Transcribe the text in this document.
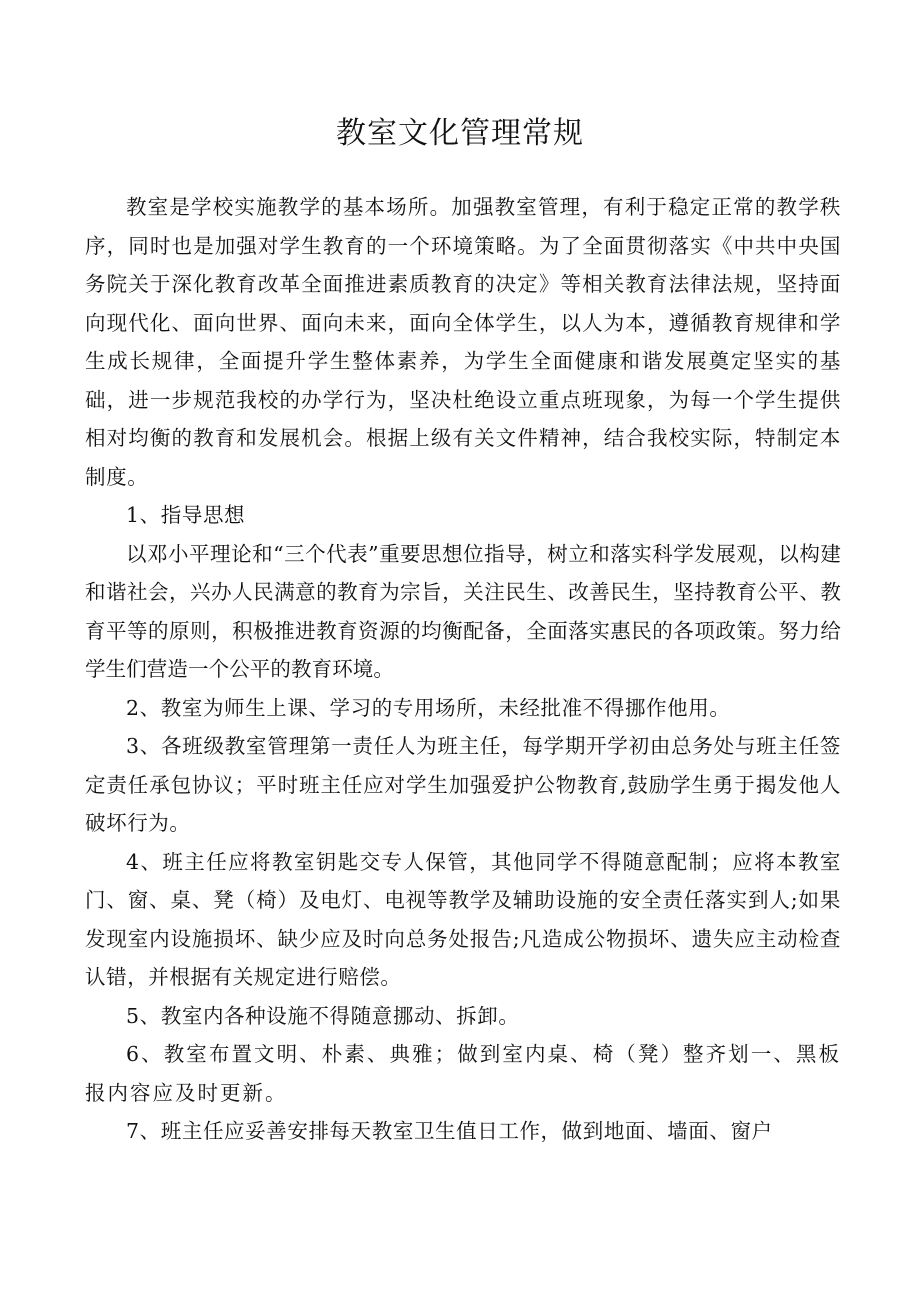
教室文化管理常规

教室是学校实施教学的基本场所。加强教室管理，有利于稳定正常的教学秩序，同时也是加强对学生教育的一个环境策略。为了全面贯彻落实《中共中央国务院关于深化教育改革全面推进素质教育的决定》等相关教育法律法规，坚持面向现代化、面向世界、面向未来，面向全体学生，以人为本，遵循教育规律和学生成长规律，全面提升学生整体素养，为学生全面健康和谐发展奠定坚实的基础，进一步规范我校的办学行为，坚决杜绝设立重点班现象，为每一个学生提供相对均衡的教育和发展机会。根据上级有关文件精神，结合我校实际，特制定本制度。

1、指导思想

以邓小平理论和“三个代表”重要思想位指导，树立和落实科学发展观，以构建和谐社会，兴办人民满意的教育为宗旨，关注民生、改善民生，坚持教育公平、教育平等的原则，积极推进教育资源的均衡配备，全面落实惠民的各项政策。努力给学生们营造一个公平的教育环境。

2、教室为师生上课、学习的专用场所，未经批准不得挪作他用。

3、各班级教室管理第一责任人为班主任，每学期开学初由总务处与班主任签定责任承包协议；平时班主任应对学生加强爱护公物教育,鼓励学生勇于揭发他人破坏行为。

4、班主任应将教室钥匙交专人保管，其他同学不得随意配制；应将本教室门、窗、桌、凳（椅）及电灯、电视等教学及辅助设施的安全责任落实到人;如果发现室内设施损坏、缺少应及时向总务处报告;凡造成公物损坏、遗失应主动检查认错，并根据有关规定进行赔偿。

5、教室内各种设施不得随意挪动、拆卸。

6、教室布置文明、朴素、典雅；做到室内桌、椅（凳）整齐划一、黑板报内容应及时更新。

7、班主任应妥善安排每天教室卫生值日工作，做到地面、墙面、窗户
